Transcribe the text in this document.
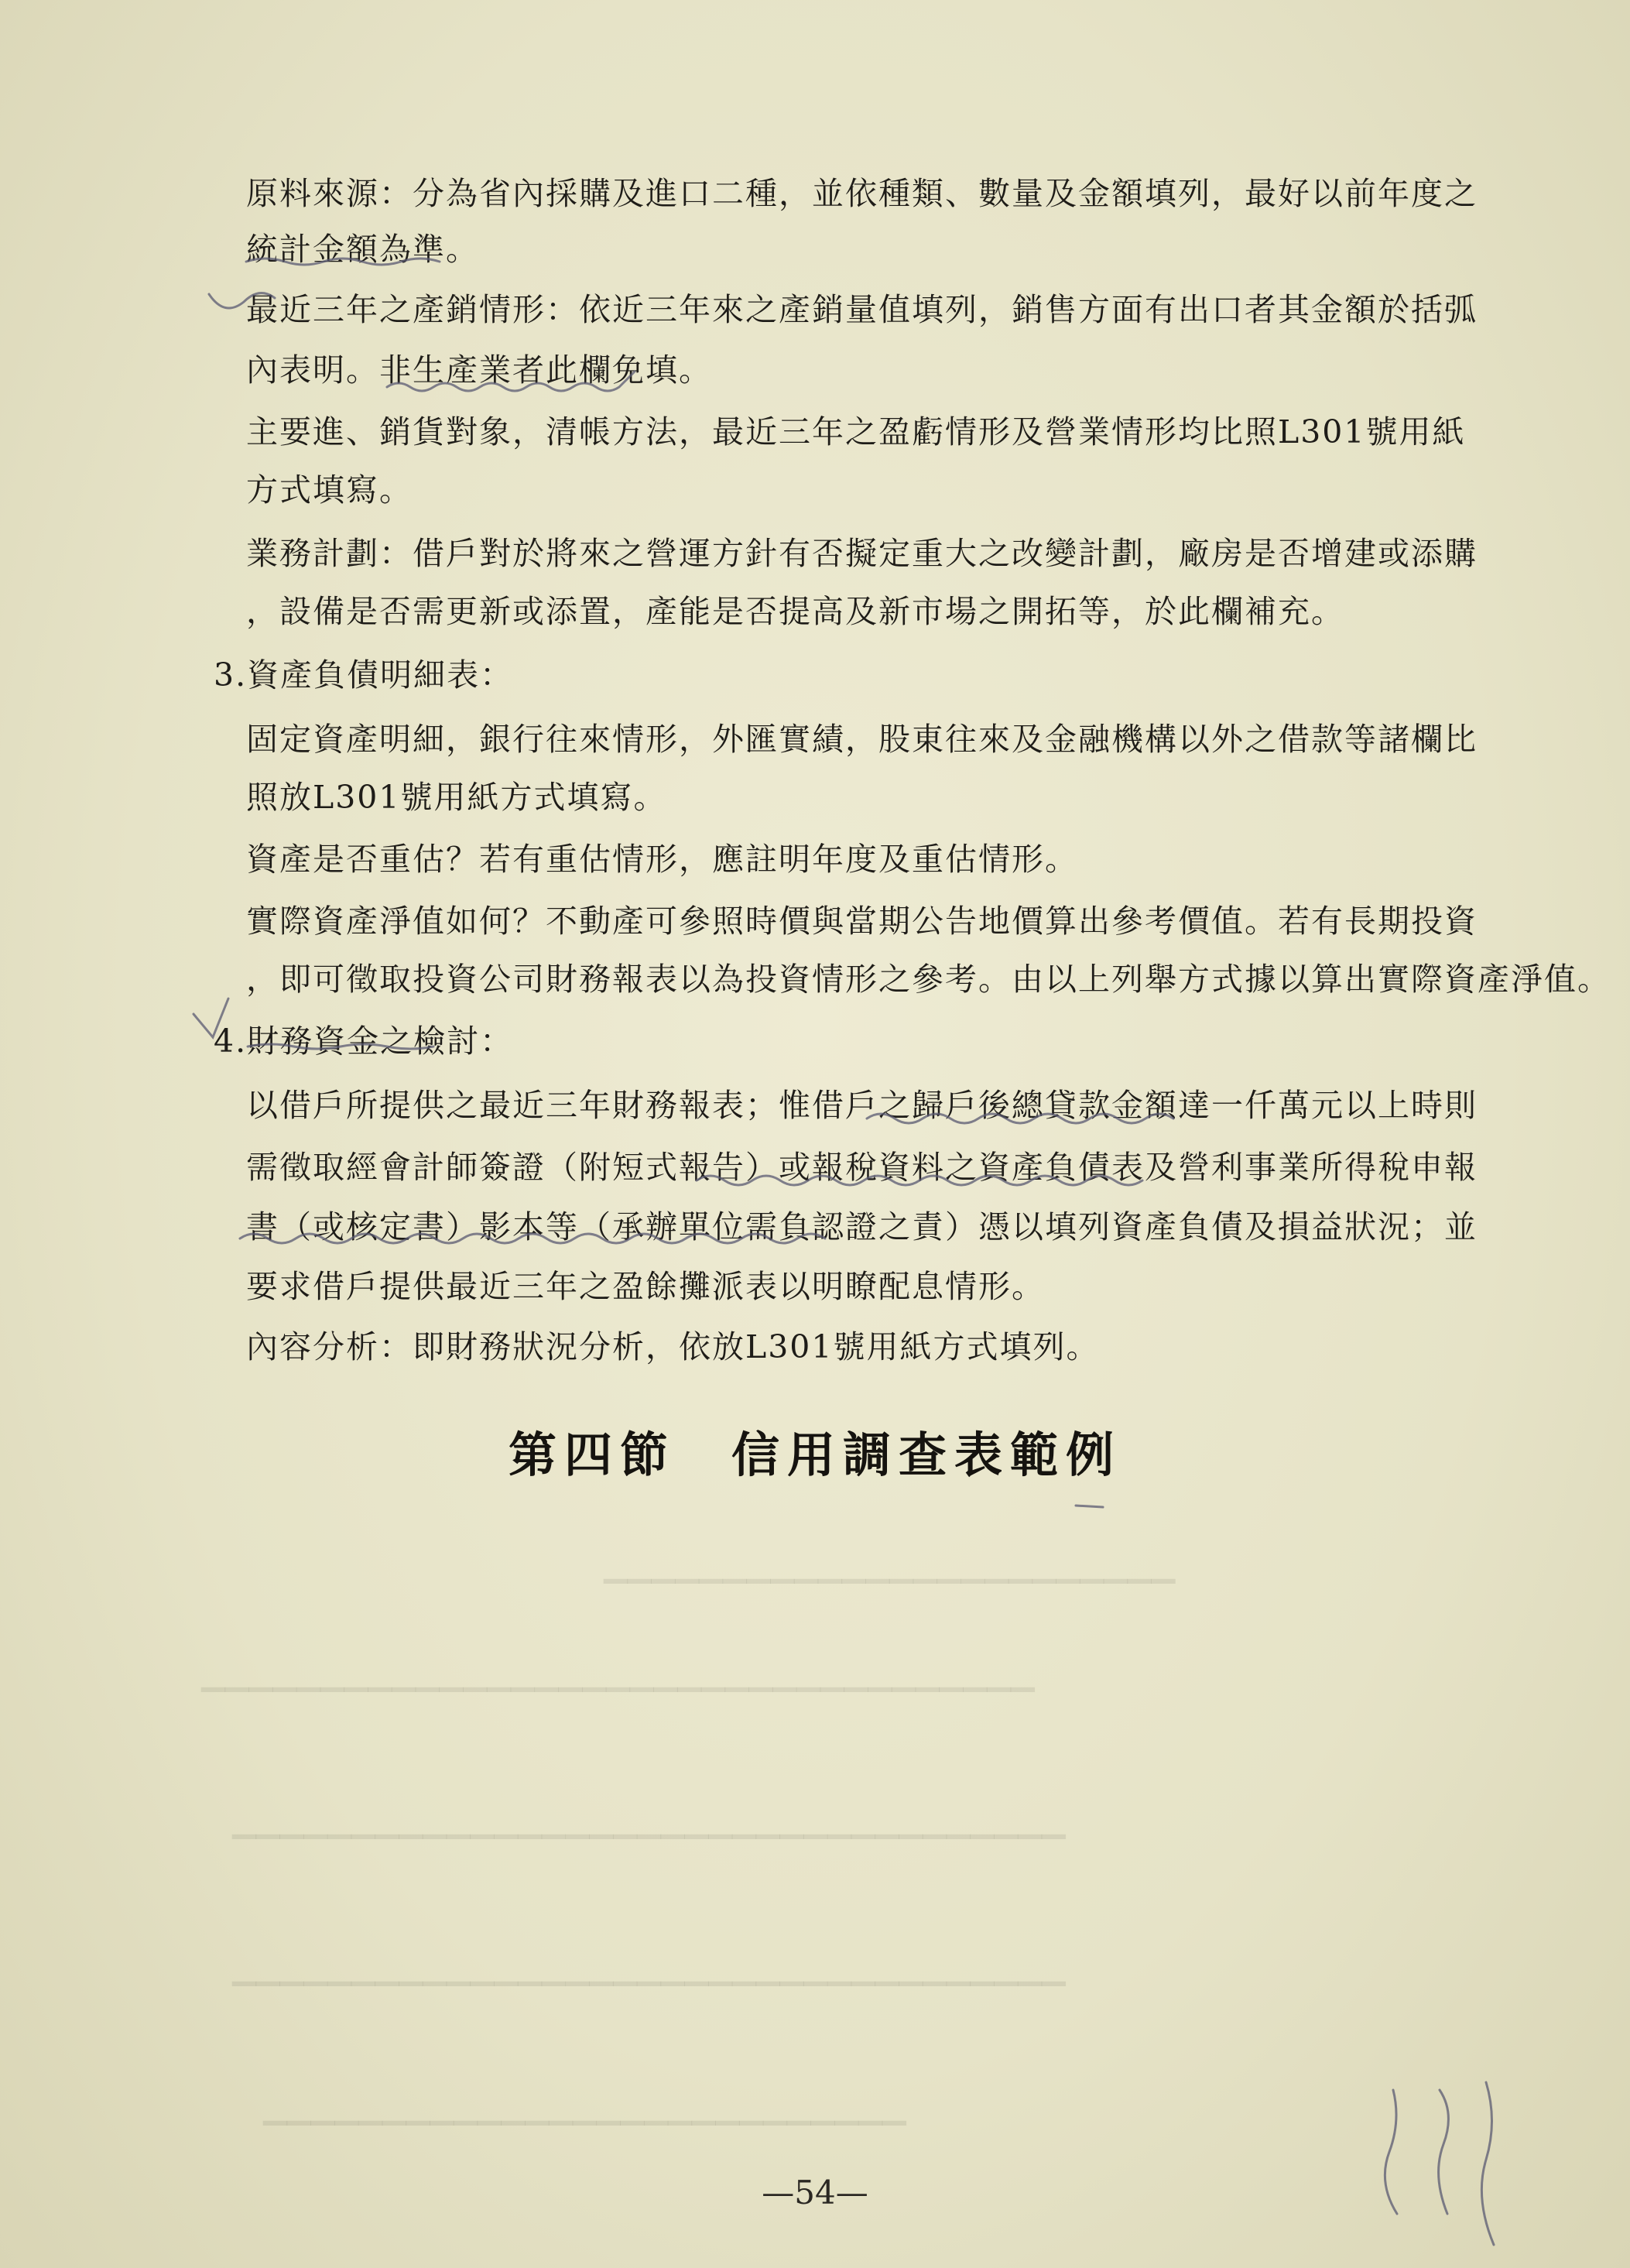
▁▁▁▁▁▁▁▁▁▁▁▁▁▁▁▁▁▁▁▁▁▁▁▁
▁▁▁▁▁▁▁▁▁▁▁▁▁▁▁▁▁▁▁▁▁▁▁▁▁▁▁▁▁▁▁▁▁▁▁
▁▁▁▁▁▁▁▁▁▁▁▁▁▁▁▁▁▁▁▁▁▁▁▁▁▁▁▁▁▁▁▁▁▁▁
▁▁▁▁▁▁▁▁▁▁▁▁▁▁▁▁▁▁▁▁▁▁▁▁▁▁▁▁▁▁▁▁▁▁▁
▁▁▁▁▁▁▁▁▁▁▁▁▁▁▁▁▁▁▁▁▁▁▁▁▁▁▁
原料來源：分為省內採購及進口二種，並依種類、數量及金額填列，最好以前年度之
統計金額為準。
最近三年之產銷情形：依近三年來之產銷量值填列，銷售方面有出口者其金額於括弧
內表明。非生產業者此欄免填。
主要進、銷貨對象，清帳方法，最近三年之盈虧情形及營業情形均比照L301號用紙
方式填寫。
業務計劃：借戶對於將來之營運方針有否擬定重大之改變計劃，廠房是否增建或添購
，設備是否需更新或添置，產能是否提高及新市場之開拓等，於此欄補充。
3.資產負債明細表：
固定資產明細，銀行往來情形，外匯實績，股東往來及金融機構以外之借款等諸欄比
照放L301號用紙方式填寫。
資產是否重估？若有重估情形，應註明年度及重估情形。
實際資產淨值如何？不動產可參照時價與當期公告地價算出參考價值。若有長期投資
，即可徵取投資公司財務報表以為投資情形之參考。由以上列舉方式據以算出實際資產淨值。
4.財務資金之檢討：
以借戶所提供之最近三年財務報表；惟借戶之歸戶後總貸款金額達一仟萬元以上時則
需徵取經會計師簽證（附短式報告）或報稅資料之資產負債表及營利事業所得稅申報
書（或核定書）影本等（承辦單位需負認證之責）憑以填列資產負債及損益狀況；並
要求借戶提供最近三年之盈餘攤派表以明瞭配息情形。
內容分析：即財務狀況分析，依放L301號用紙方式填列。
第四節　信用調查表範例
—54—
